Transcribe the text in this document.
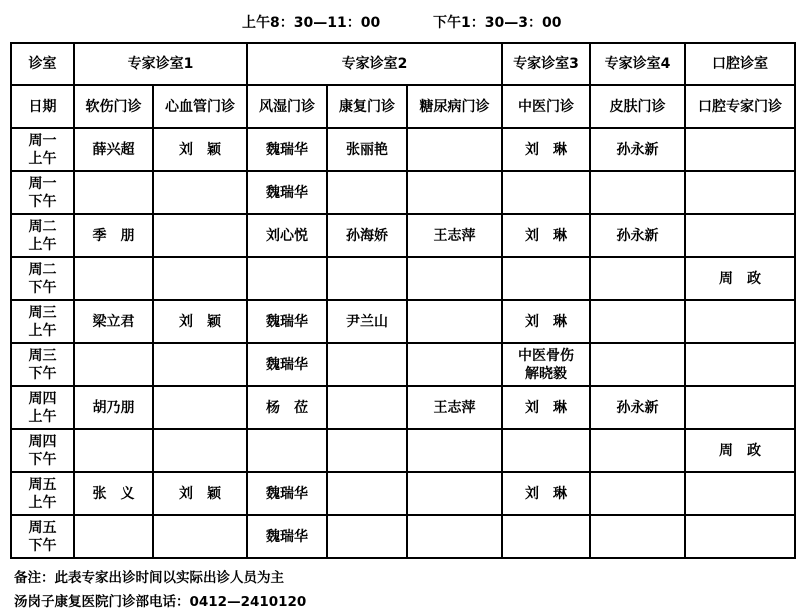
上午8：30—11：00	下午1：30—3：00
诊室	专家诊室1		专家诊室2			专家诊室3	专家诊室4	口腔诊室
日期	软伤门诊	心血管门诊	风湿门诊	康复门诊	糖尿病门诊	中医门诊	皮肤门诊	口腔专家门诊

周一
上午	薛兴超	刘　颖	魏瑞华	张丽艳		刘　琳	孙永新	

周一
下午			魏瑞华					

周二
上午	季　朋		刘心悦	孙海娇	王志萍	刘　琳	孙永新	

周二
下午								周　政

周三
上午	梁立君	刘　颖	魏瑞华	尹兰山		刘　琳		

周三
下午			魏瑞华			中医骨伤
解晓毅		

周四
上午	胡乃朋		杨　莅		王志萍	刘　琳	孙永新	

周四
下午								周　政

周五
上午	张　义	刘　颖	魏瑞华			刘　琳		

周五
下午			魏瑞华					
备注：此表专家出诊时间以实际出诊人员为主
汤岗子康复医院门诊部电话：0412—2410120
